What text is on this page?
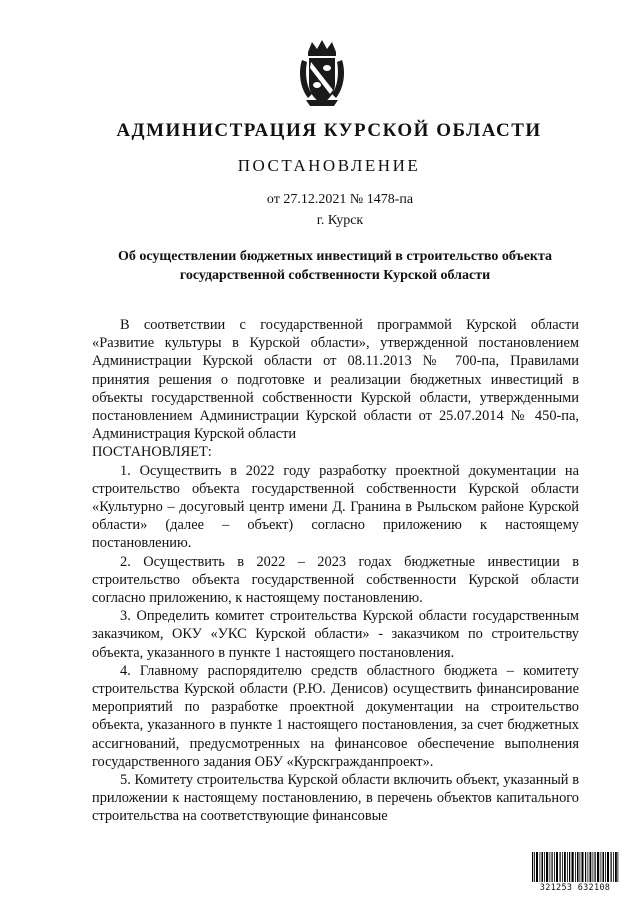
АДМИНИСТРАЦИЯ КУРСКОЙ ОБЛАСТИ
ПОСТАНОВЛЕНИЕ
от 27.12.2021 № 1478-па
г. Курск
Об осуществлении бюджетных инвестиций в строительство объекта
государственной собственности Курской области

В соответствии с государственной программой Курской области «Развитие культуры в Курской области», утвержденной постановлением Администрации Курской области от 08.11.2013 № 700-па, Правилами принятия решения о подготовке и реализации бюджетных инвестиций в объекты государственной собственности Курской области, утвержденными постановлением Администрации Курской области от 25.07.2014 № 450-па, Администрация Курской области

ПОСТАНОВЛЯЕТ:

1. Осуществить в 2022 году разработку проектной документации на строительство объекта государственной собственности Курской области «Культурно – досуговый центр имени Д. Гранина в Рыльском районе Курской области» (далее – объект) согласно приложению к настоящему постановлению.

2. Осуществить в 2022 – 2023 годах бюджетные инвестиции в строительство объекта государственной собственности Курской области согласно приложению, к настоящему постановлению.

3. Определить комитет строительства Курской области государственным заказчиком, ОКУ «УКС Курской области» - заказчиком по строительству объекта, указанного в пункте 1 настоящего постановления.

4. Главному распорядителю средств областного бюджета – комитету строительства Курской области (Р.Ю. Денисов) осуществить финансирование мероприятий по разработке проектной документации на строительство объекта, указанного в пункте 1 настоящего постановления, за счет бюджетных ассигнований, предусмотренных на финансовое обеспечение выполнения государственного задания ОБУ «Курскгражданпроект».

5. Комитету строительства Курской области включить объект, указанный в приложении к настоящему постановлению, в перечень объектов капитального строительства на соответствующие финансовые

321253 632108
